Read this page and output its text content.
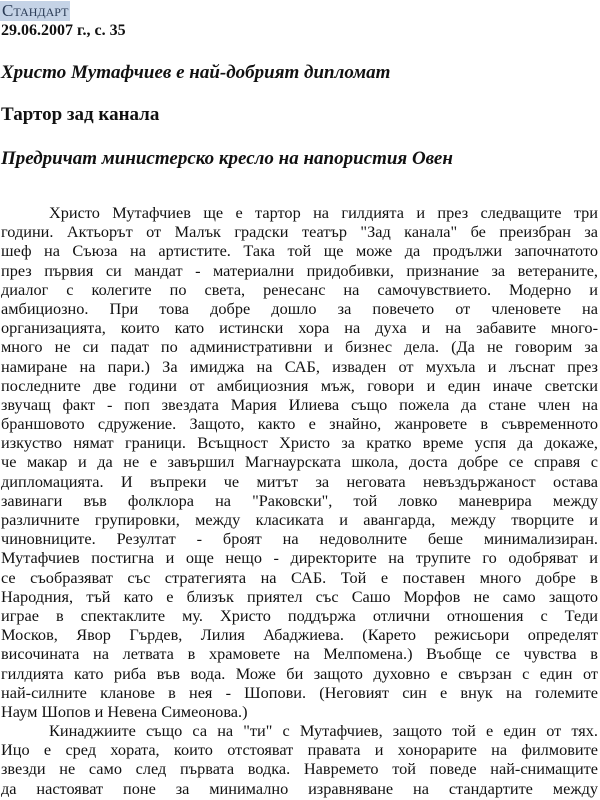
Стандарт
29.06.2007 г., с. 35
Христо Мутафчиев е най-добрият дипломат
Тартор зад канала
Предричат министерско кресло на напористия Овен
Христо Мутафчиев ще е тартор на гилдията и през следващите три
години. Актьорът от Малък градски театър "Зад канала" бе преизбран за
шеф на Съюза на артистите. Така той ще може да продължи започнатото
през първия си мандат - материални придобивки, признание за ветераните,
диалог с колегите по света, ренесанс на самочувствието. Модерно и
амбициозно. При това добре дошло за повечето от членовете на
организацията, които като истински хора на духа и на забавите много-
много не си падат по административни и бизнес дела. (Да не говорим за
намиране на пари.) За имиджа на САБ, изваден от мухъла и лъснат през
последните две години от амбициозния мъж, говори и един иначе светски
звучащ факт - поп звездата Мария Илиева също пожела да стане член на
браншовото сдружение. Защото, както е знайно, жанровете в съвременното
изкуство нямат граници. Всъщност Христо за кратко време успя да докаже,
че макар и да не е завършил Магнаурската школа, доста добре се справя с
дипломацията. И въпреки че митът за неговата невъздържаност остава
завинаги във фолклора на "Раковски", той ловко маневрира между
различните групировки, между класиката и авангарда, между творците и
чиновниците. Резултат - броят на недоволните беше минимализиран.
Мутафчиев постигна и още нещо - директорите на трупите го одобряват и
се съобразяват със стратегията на САБ. Той е поставен много добре в
Народния, тъй като е близък приятел със Сашо Морфов не само защото
играе в спектаклите му. Христо поддържа отлични отношения с Теди
Москов, Явор Гърдев, Лилия Абаджиева. (Карето режисьори определят
височината на летвата в храмовете на Мелпомена.) Въобще се чувства в
гилдията като риба във вода. Може би защото духовно е свързан с един от
най-силните кланове в нея - Шопови. (Неговият син е внук на големите
Наум Шопов и Невена Симеонова.)
Кинаджиите също са на "ти" с Мутафчиев, защото той е един от тях.
Ицо е сред хората, които отстояват правата и хонорарите на филмовите
звезди не само след първата водка. Навремето той поведе най-снимащите
да настояват поне за минимално изравняване на стандартите между
